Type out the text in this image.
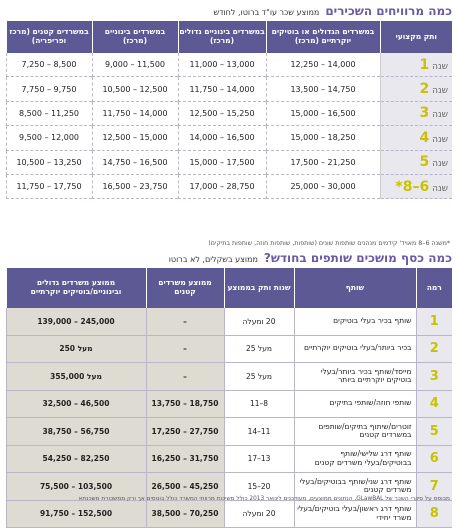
כמה מרוויחים השכיריםממוצע שכר עו"ד ברוטו, לחודש
ותק מקצועי	במשרדים הגדולים או בוטיקים יוקרתיים (מרכז)	במשרדים בינוניים גדולים (מרכז)	במשרדים בינוניים (מרכז)	במשרדים קטנים (מרכז ופריפריה)
שנה 1	14,000 – 12,250	13,000 – 11,000	11,500 – 9,000	8,500 – 7,250
שנה 2	14,750 – 13,500	14,000 – 11,750	12,500 – 10,500	9,750 – 7,750
שנה 3	16,500 – 15,000	15,250 – 12,500	14,000 – 11,750	11,250 – 8,500
שנה 4	18,250 – 15,000	16,500 – 14,000	15,000 – 12,500	12,000 – 9,500
שנה 5	21,250 – 17,500	17,500 – 15,000	16,500 – 14,750	13,250 – 10,500
שנה 6–8*	30,000 – 25,000	28,750 – 17,000	23,750 – 16,500	17,750 – 11,750
*משנה 6–8 מאויד' קידמים מנהנים שותפות שונים (שותפות, שותפות חוזה, שותפות בתיקים)
כמה כסף מושכים שותפים בחודש?ממוצע בשקלים, לא ברוטו
רמה	שותף	שנות ותק בממוצע	ממוצע משרדים קטנים	ממוצע משרדים גדולים ובינוניים/בוטיקים יוקרתיים
1	שותף בכיר בעלי בוטיקים	20 ומעלה	–	245,000 – 139,000
2	בכיר ביותר/בעלי בוטיקים יוקרתיים	מעל 25	–	מעל 250
3	מייסד/שותף בכיר ביותר/בעלי בוטיקים יוקרתיים ביותר	מעל 25	–	מעל 355,000
4	שותפי חוזה/שותפי בתיקים	8–11	18,750 – 13,750	46,500 – 32,500
5	זוטרים/שיתוף בתיקים/שותפים במשרדים קטנים	11–14	27,750 – 17,250	56,750 – 38,750
6	שותף דרג שלישי/שותף בבוטיקים/בעלי משרדים קטנים	13–17	31,750 – 16,250	82,250 – 54,250
7	שותף דרג שני/שותף בבוטיקים/בעלי משרדים קטנים	20–15	45,250 – 26,500	103,500 – 75,500
8	שותף דרג ראשון/בעלי בוטיקים/בעלי משרד יחידי	20 ומעלה	70,250 – 38,500	152,500 – 91,750
מבוסס על סקרי השכר של GLawBAL, הנתונים ממוצעים, מעודכנים לינואר 2013 כולל משיכות מרווחי המשרד כולל בונוסים אך ורק ממשכורת משכנתא
